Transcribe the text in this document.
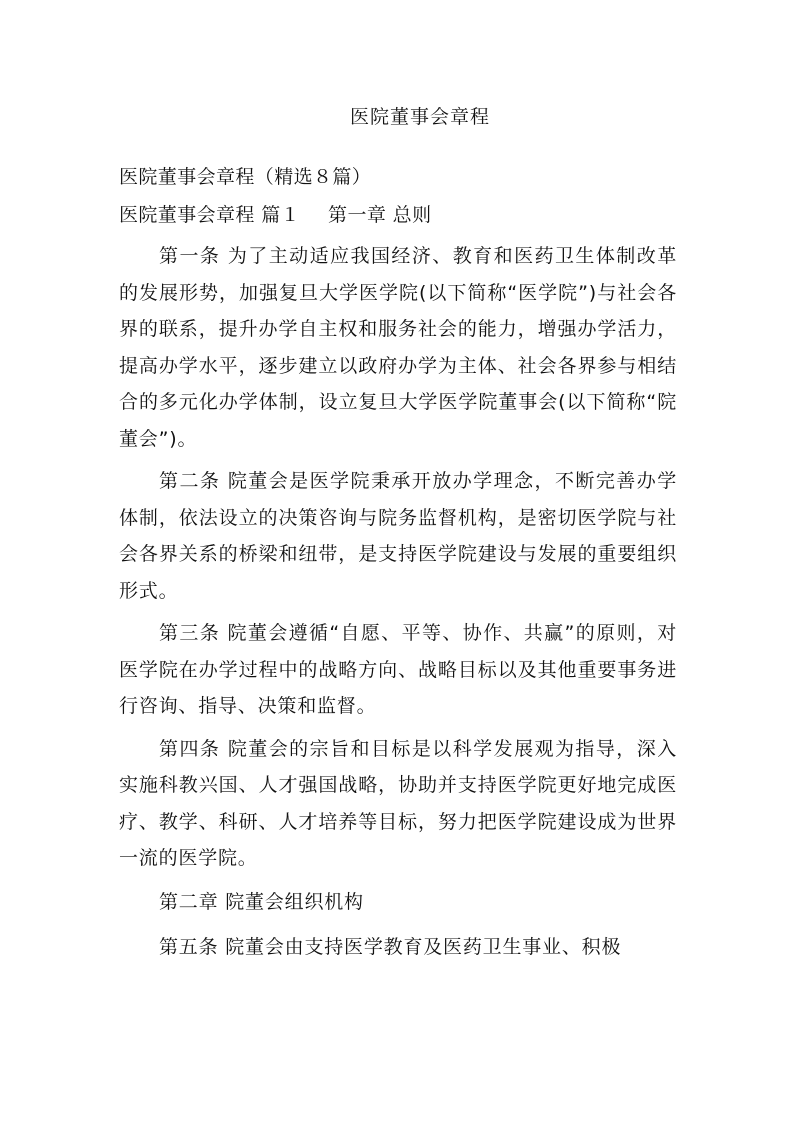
医院董事会章程
医院董事会章程（精选８篇）
医院董事会章程 篇１ 第一章 总则

第一条 为了主动适应我国经济、教育和医药卫生体制改革的发展形势，加强复旦大学医学院(以下简称“医学院”)与社会各界的联系，提升办学自主权和服务社会的能力，增强办学活力，提高办学水平，逐步建立以政府办学为主体、社会各界参与相结合的多元化办学体制，设立复旦大学医学院董事会(以下简称“院董会”)。

第二条 院董会是医学院秉承开放办学理念，不断完善办学体制，依法设立的决策咨询与院务监督机构，是密切医学院与社会各界关系的桥梁和纽带，是支持医学院建设与发展的重要组织形式。

第三条 院董会遵循“自愿、平等、协作、共赢”的原则，对医学院在办学过程中的战略方向、战略目标以及其他重要事务进行咨询、指导、决策和监督。

第四条 院董会的宗旨和目标是以科学发展观为指导，深入实施科教兴国、人才强国战略，协助并支持医学院更好地完成医疗、教学、科研、人才培养等目标，努力把医学院建设成为世界一流的医学院。

第二章 院董会组织机构
第五条 院董会由支持医学教育及医药卫生事业、积极
